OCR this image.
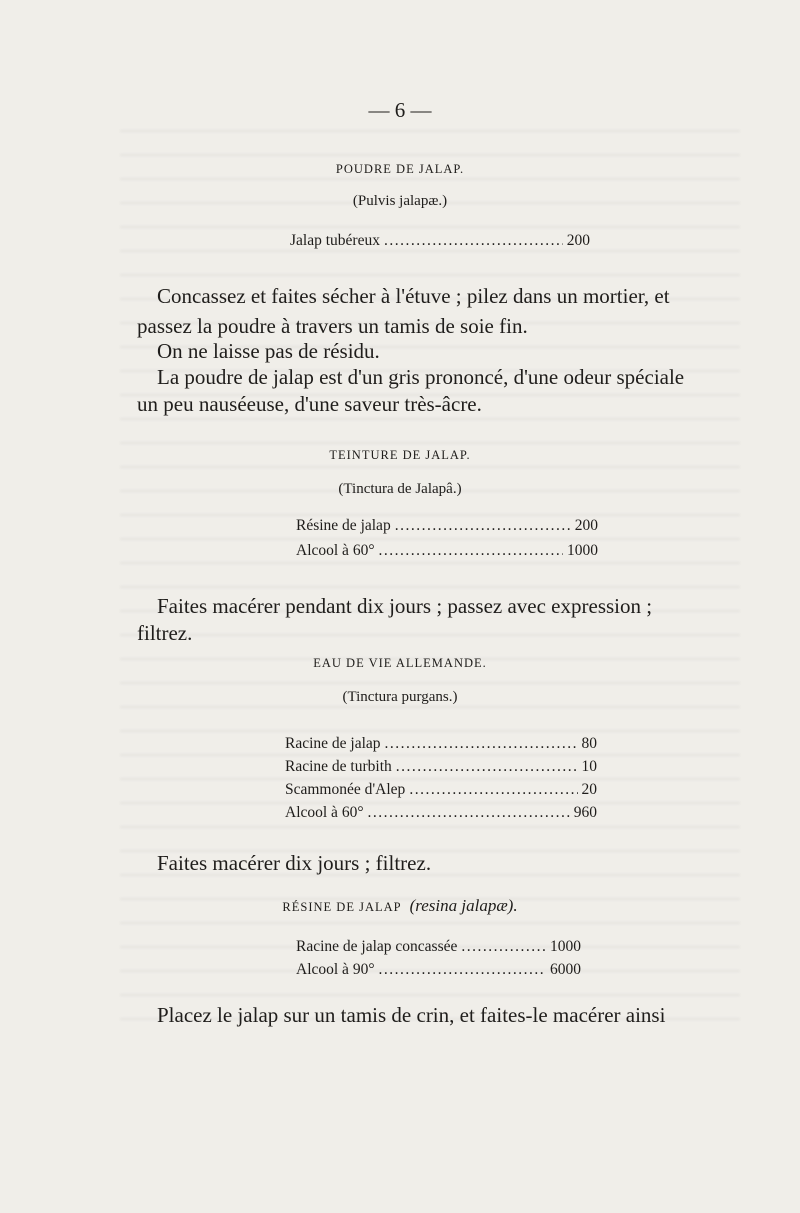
— 6 —
POUDRE DE JALAP.
(Pulvis jalapæ.)
Jalap tubéreux .....	200
Concassez et faites sécher à l'étuve ; pilez dans un mortier, et
passez la poudre à travers un tamis de soie fin.
On ne laisse pas de résidu.
La poudre de jalap est d'un gris prononcé, d'une odeur spéciale
un peu nauséeuse, d'une saveur très-âcre.
TEINTURE DE JALAP.
(Tinctura de Jalapâ.)
Résine de jalap .....	200
Alcool à 60° .....	1000
Faites macérer pendant dix jours ; passez avec expression ;
filtrez.
EAU DE VIE ALLEMANDE.
(Tinctura purgans.)
Racine de jalap .....	80
Racine de turbith .....	10
Scammonée d'Alep .....	20
Alcool à 60° .....	960
Faites macérer dix jours ; filtrez.
RÉSINE DE JALAP (resina jalapæ).
Racine de jalap concassée .....	1000
Alcool à 90° .....	6000
Placez le jalap sur un tamis de crin, et faites-le macérer ainsi
